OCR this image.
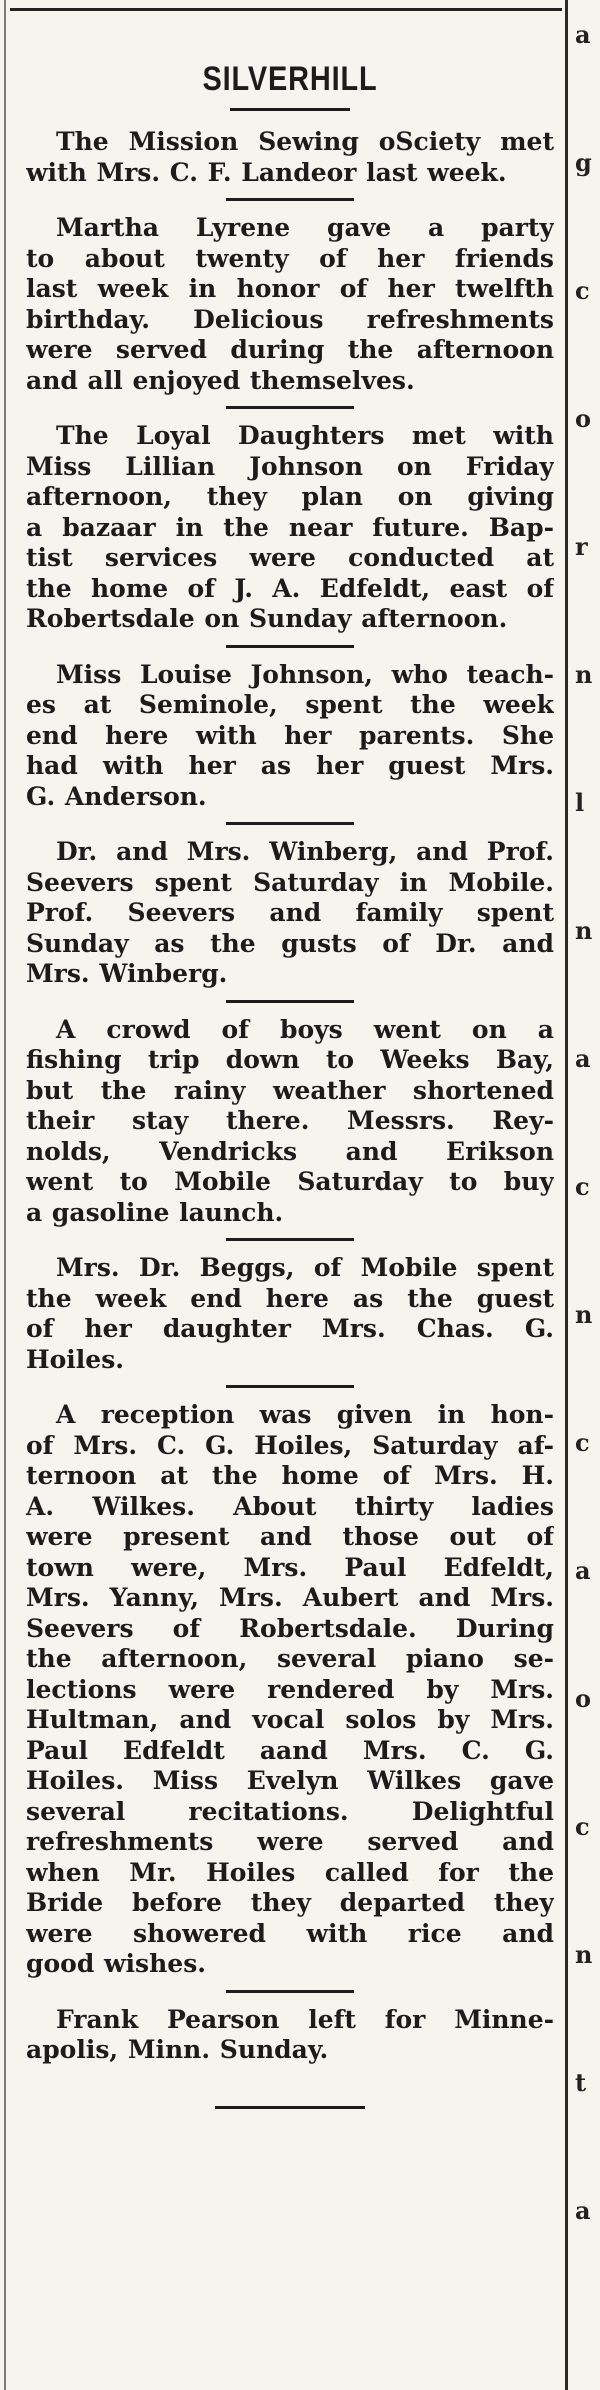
a
g
c
o
r
n
l
n
a
c
n
c
a
o
c
n
t
a
SILVERHILL
The Mission Sewing oSciety met
with Mrs. C. F. Landeor last week.
Martha Lyrene gave a party
to about twenty of her friends
last week in honor of her twelfth
birthday. Delicious refreshments
were served during the afternoon
and all enjoyed themselves.
The Loyal Daughters met with
Miss Lillian Johnson on Friday
afternoon, they plan on giving
a bazaar in the near future. Bap-
tist services were conducted at
the home of J. A. Edfeldt, east of
Robertsdale on Sunday afternoon.
Miss Louise Johnson, who teach-
es at Seminole, spent the week
end here with her parents. She
had with her as her guest Mrs.
G. Anderson.
Dr. and Mrs. Winberg, and Prof.
Seevers spent Saturday in Mobile.
Prof. Seevers and family spent
Sunday as the gusts of Dr. and
Mrs. Winberg.
A crowd of boys went on a
fishing trip down to Weeks Bay,
but the rainy weather shortened
their stay there. Messrs. Rey-
nolds, Vendricks and Erikson
went to Mobile Saturday to buy
a gasoline launch.
Mrs. Dr. Beggs, of Mobile spent
the week end here as the guest
of her daughter Mrs. Chas. G.
Hoiles.
A reception was given in hon-
of Mrs. C. G. Hoiles, Saturday af-
ternoon at the home of Mrs. H.
A. Wilkes. About thirty ladies
were present and those out of
town were, Mrs. Paul Edfeldt,
Mrs. Yanny, Mrs. Aubert and Mrs.
Seevers of Robertsdale. During
the afternoon, several piano se-
lections were rendered by Mrs.
Hultman, and vocal solos by Mrs.
Paul Edfeldt aand Mrs. C. G.
Hoiles. Miss Evelyn Wilkes gave
several recitations. Delightful
refreshments were served and
when Mr. Hoiles called for the
Bride before they departed they
were showered with rice and
good wishes.
Frank Pearson left for Minne-
apolis, Minn. Sunday.
